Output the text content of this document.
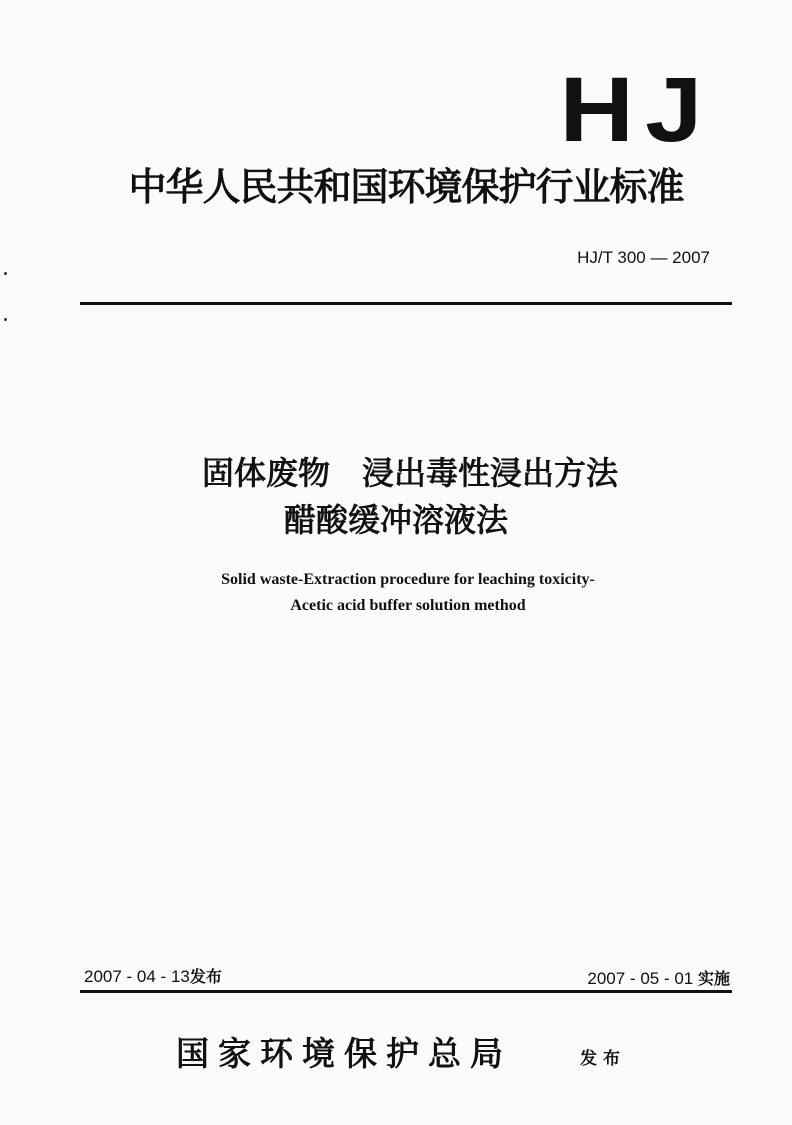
HJ
中华人民共和国环境保护行业标准
HJ/T 300 — 2007
固体废物　浸出毒性浸出方法
醋酸缓冲溶液法
Solid waste-Extraction procedure for leaching toxicity-
Acetic acid buffer solution method
2007 - 04 - 13发布	2007 - 05 - 01 实施
国家环境保护总局	发布
